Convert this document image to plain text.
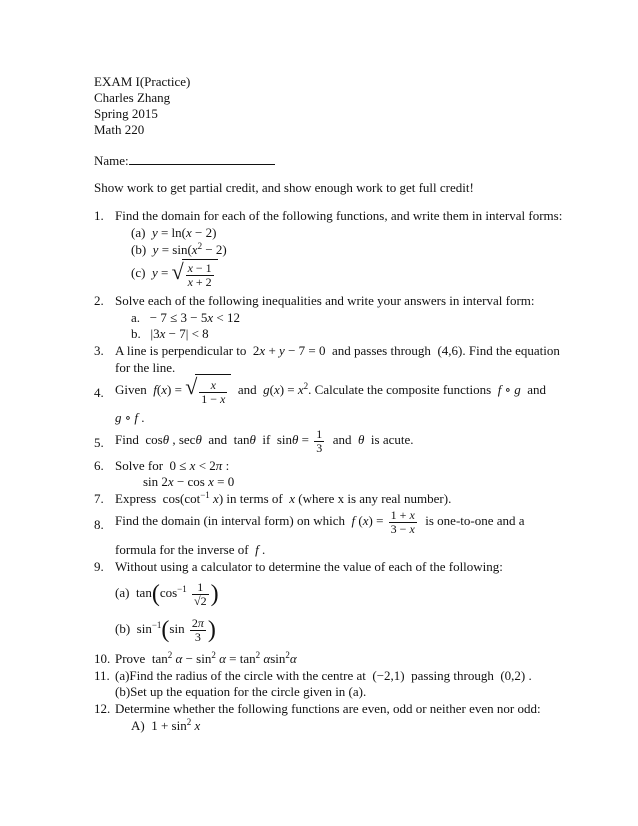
EXAM I(Practice)
Charles Zhang
Spring 2015
Math 220
Name:
Show work to get partial credit, and show enough work to get full credit!
1. Find the domain for each of the following functions, and write them in interval forms:
(a) y = ln(x − 2)
(b) $y = \sin(x^2 - 2)$
(c) y = √ $\frac{x - 1}{x + 2}$
2. Solve each of the following inequalities and write your answers in interval form:
a.   − 7 ≤ 3 − 5x < 12
b.   |3x − 7| < 8
3. A line is perpendicular to  2x + y − 7 = 0  and passes through (4,6). Find the equation
for the line.
4. Given f(x) = √ $\frac{x}{1 - x}$ and $g(x) = x^2$. Calculate the composite functions f ∘ g and
g ∘ f .
5. Find  cosθ , secθ and  tanθ if  $\sin\theta = \frac{1}{3}$ and θ is acute.
6. Solve for  0 ≤ x < 2π :
sin 2x − cos x = 0
7. Express  $\cos(\cot^{-1}$ x) in terms of x (where x is any real number).
8. Find the domain (in interval form) on which f $(x) = \frac{1 + x}{3 - x}$ is one-to-one and a
formula for the inverse of f .
9. Without using a calculator to determine the value of each of the following:
(a)  $\tan(\cos^{-1} \frac{1}{√2}$ )
(b)  $\sin^{-1}(\sin \frac{2\pi}{3}$ )
10. Prove  $\tan^2 \alpha - \sin^2 \alpha = \tan^2 \alpha\sin^2\alpha$
11. (a)Find the radius of the circle with the centre at  (−2,1)  passing through  (0,2) .
(b)Set up the equation for the circle given in (a).
12. Determine whether the following functions are even, odd or neither even nor odd:
A)  $1 + \sin^2 x$
